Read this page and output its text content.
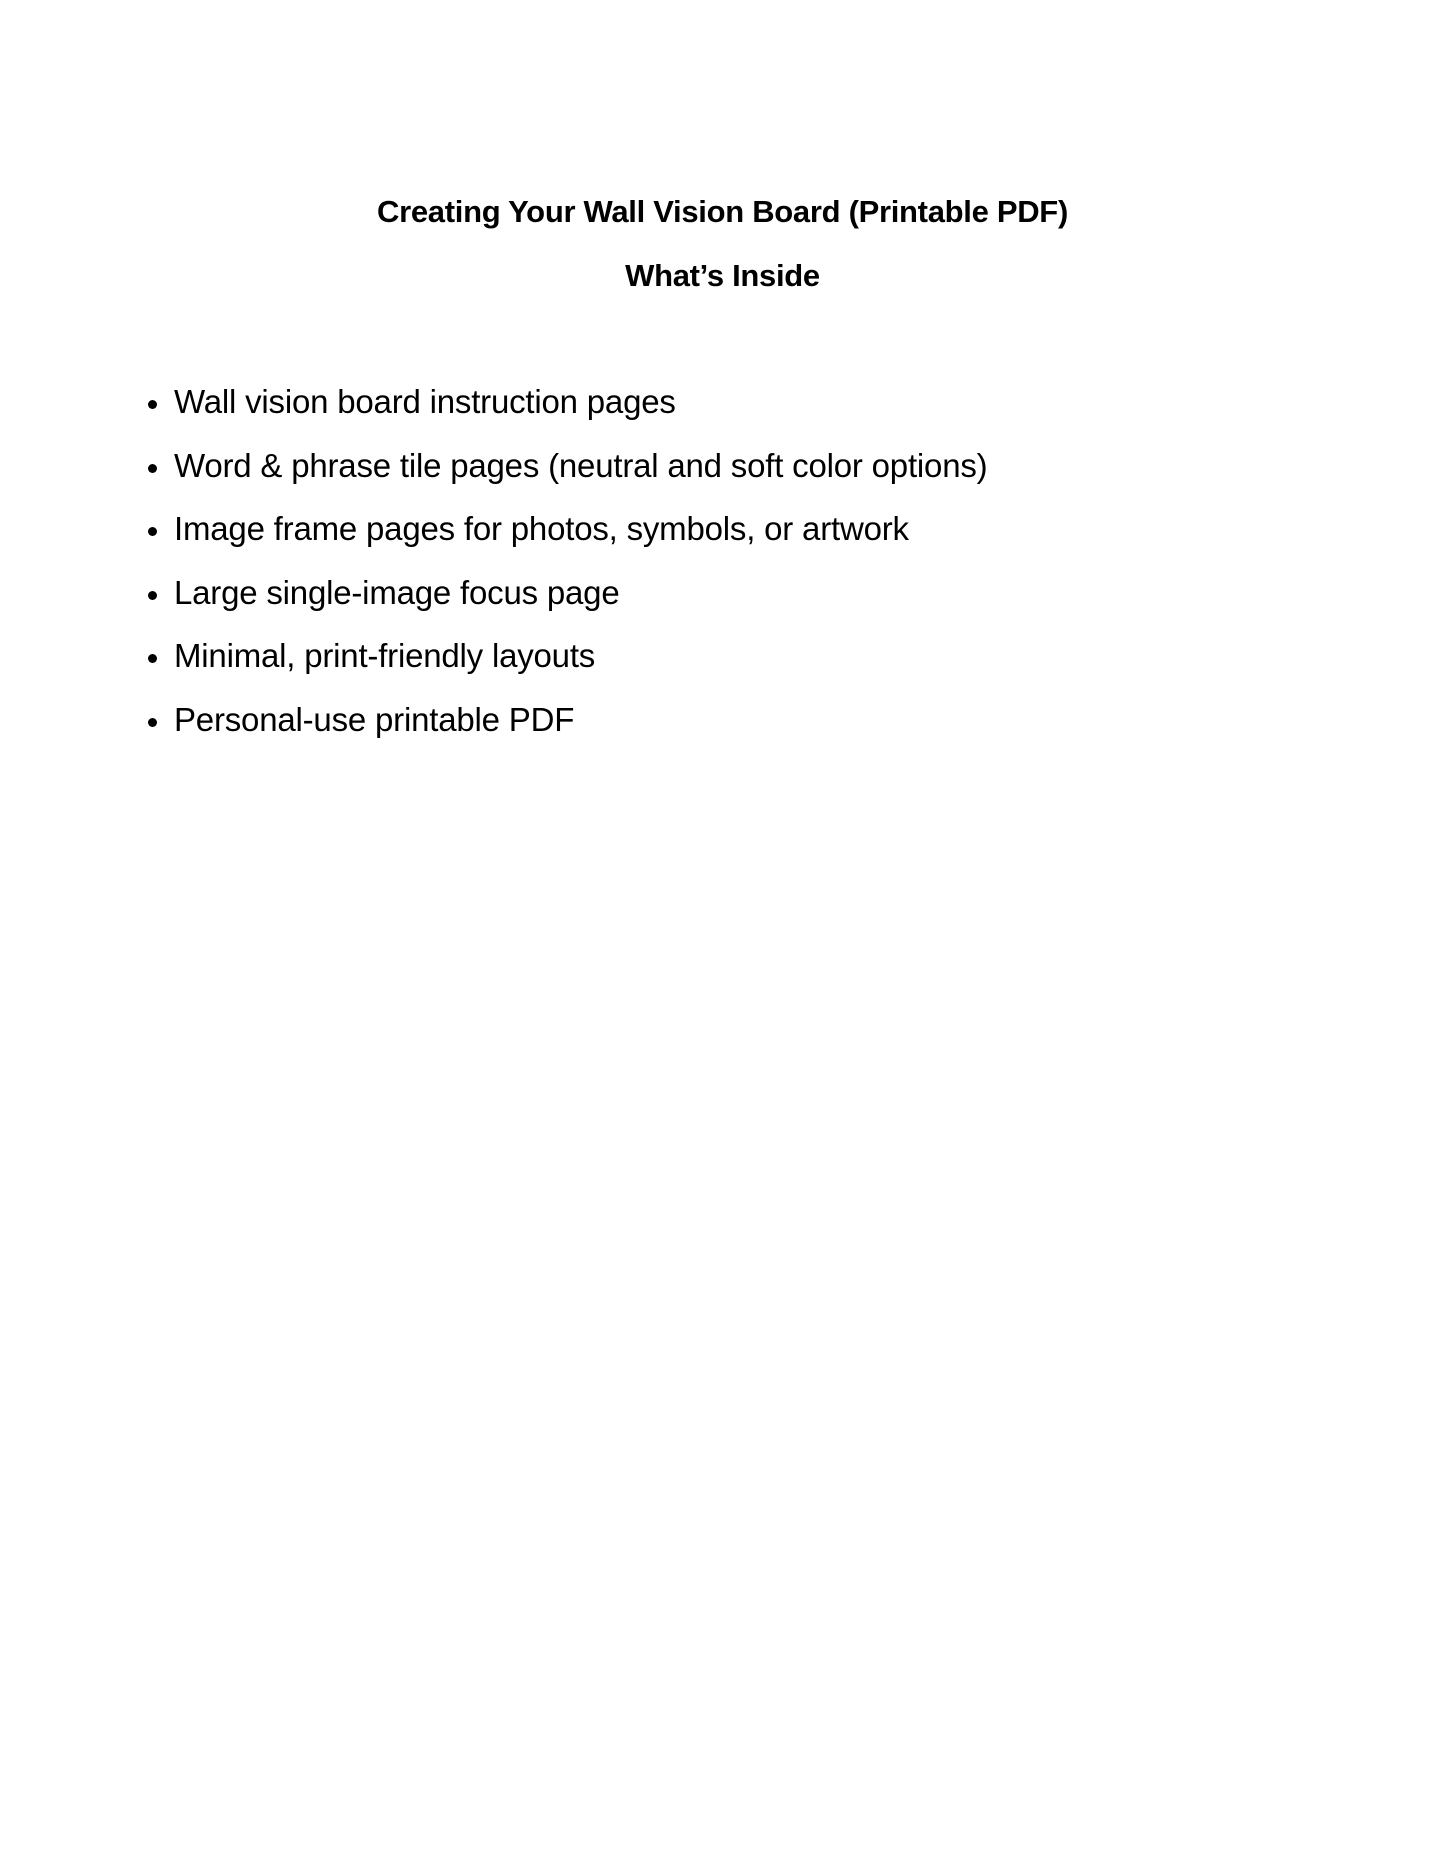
Creating Your Wall Vision Board (Printable PDF)
What’s Inside
Wall vision board instruction pages
Word & phrase tile pages (neutral and soft color options)
Image frame pages for photos, symbols, or artwork
Large single-image focus page
Minimal, print-friendly layouts
Personal-use printable PDF
